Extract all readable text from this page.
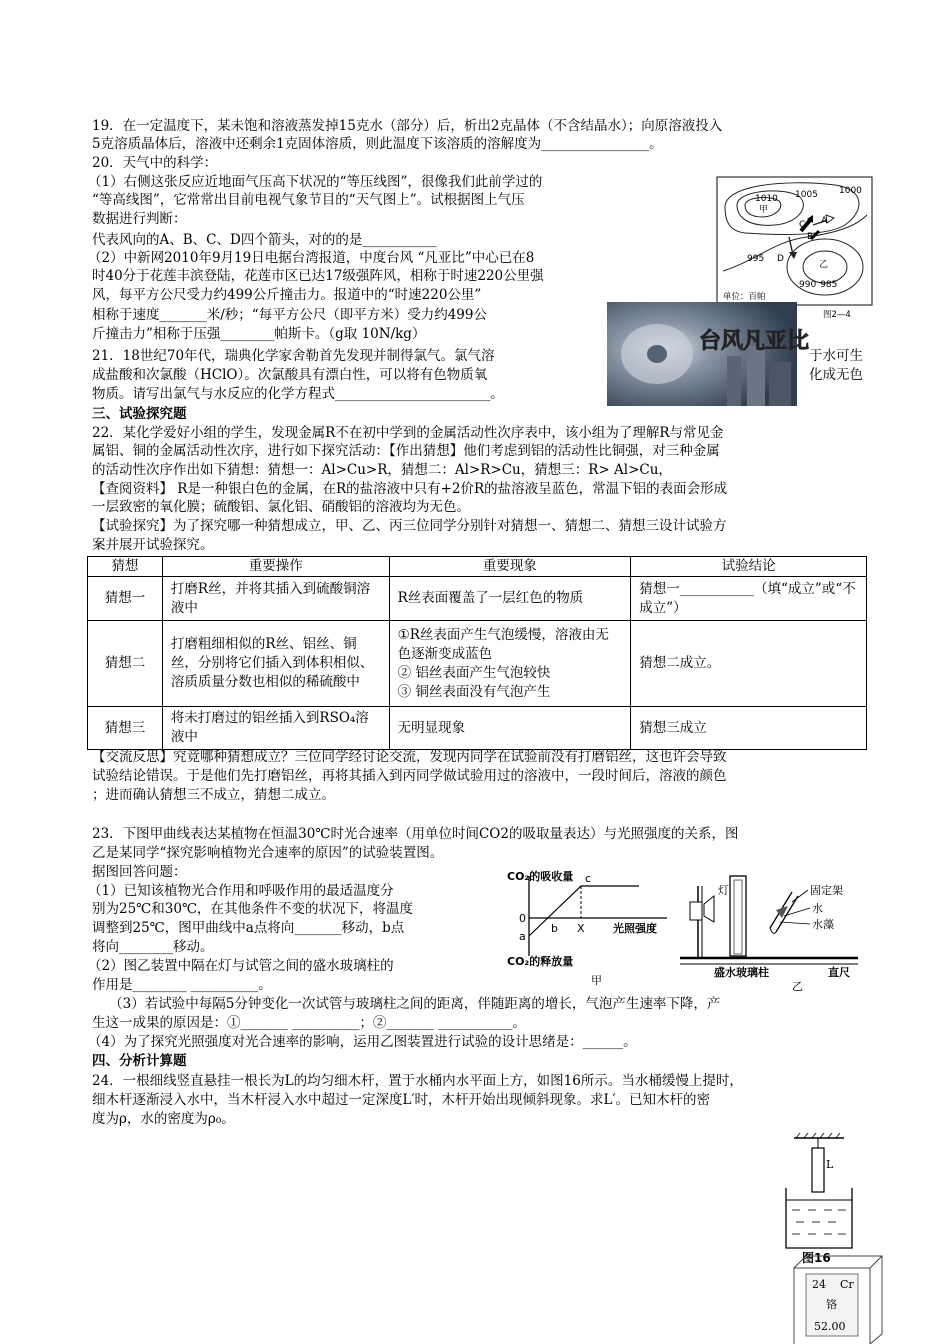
19．在一定温度下，某未饱和溶液蒸发掉15克水（部分）后，析出2克晶体（不含结晶水）；向原溶液投入
5克溶质晶体后，溶液中还剩余1克固体溶质，则此温度下该溶质的溶解度为________________。
20．天气中的科学：
（1）右侧这张反应近地面气压高下状况的“等压线图”，很像我们此前学过的
“等高线图”，它常常出目前电视气象节目的“天气图上”。试根据图上气压
数据进行判断：
代表风向的A、B、C、D四个箭头，对的的是___________
（2）中新网2010年9月19日电据台湾报道，中度台风 “凡亚比”中心已在8
时40分于花莲丰滨登陆，花莲市区已达17级强阵风，相称于时速220公里强
风，每平方公尺受力约499公斤撞击力。报道中的“时速220公里”
相称于速度_______米/秒；“每平方公尺（即平方米）受力约499公
斤撞击力”相称于压强________帕斯卡。（g取 10N/kg）
1010
甲
1005 1000
A
C
B
D
995
乙
990 985
单位：百帕
图2—4
台风凡亚比
21．18世纪70年代，瑞典化学家舍勒首先发现并制得氯气。氯气溶	于水可生
成盐酸和次氯酸（HClO）。次氯酸具有漂白性，可以将有色物质氧	化成无色
物质。请写出氯气与水反应的化学方程式_______________________。
三、试验探究题
22．某化学爱好小组的学生，发现金属R不在初中学到的金属活动性次序表中，该小组为了理解R与常见金
属铝、铜的金属活动性次序，进行如下探究活动：【作出猜想】他们考虑到铝的活动性比铜强，对三种金属
的活动性次序作出如下猜想：猜想一：Al>Cu>R，猜想二：Al>R>Cu，猜想三：R> Al>Cu，
【查阅资料】 R是一种银白色的金属，在R的盐溶液中只有+2价R的盐溶液呈蓝色，常温下铝的表面会形成
一层致密的氧化膜；硫酸铝、氯化铝、硝酸铝的溶液均为无色。
【试验探究】为了探究哪一种猜想成立，甲、乙、丙三位同学分别针对猜想一、猜想二、猜想三设计试验方
案并展开试验探究。
猜想	重要操作	重要现象	试验结论
猜想一	打磨R丝，并将其插入到硫酸铜溶液中	R丝表面覆盖了一层红色的物质	猜想一___________（填“成立”或“不成立”）
猜想二	打磨粗细相似的R丝、铝丝、铜丝，分别将它们插入到体积相似、溶质质量分数也相似的稀硫酸中	①R丝表面产生气泡缓慢，溶液由无色逐渐变成蓝色
② 铝丝表面产生气泡较快
③ 铜丝表面没有气泡产生	猜想二成立。
猜想三	将未打磨过的铝丝插入到RSO₄溶液中	无明显现象	猜想三成立
【交流反思】究竟哪种猜想成立？三位同学经讨论交流，发现丙同学在试验前没有打磨铝丝，这也许会导致
试验结论错误。于是他们先打磨铝丝，再将其插入到丙同学做试验用过的溶液中，一段时间后，溶液的颜色
；进而确认猜想三不成立，猜想二成立。
23．下图甲曲线表达某植物在恒温30℃时光合速率（用单位时间CO2的吸取量表达）与光照强度的关系，图
乙是某同学“探究影响植物光合速率的原因”的试验装置图。
据图回答问题：
（1）已知该植物光合作用和呼吸作用的最适温度分
别为25℃和30℃，在其他条件不变的状况下，将温度
调整到25℃，图甲曲线中a点将向_______移动，b点
将向________移动。
（2）图乙装置中隔在灯与试管之间的盛水玻璃柱的
作用是________ __________。
（3）若试验中每隔5分钟变化一次试管与玻璃柱之间的距离，伴随距离的增长，气泡产生速率下降，产
生这一成果的原因是：①_______ __________；②_______ ___________。
（4）为了探究光照强度对光合速率的影响，运用乙图装置进行试验的设计思绪是：______。
CO₂的吸收量 c
0
a
b X	光照强度
CO₂的释放量
甲
灯	固定架
水
水藻
盛水玻璃柱	直尺
乙
四、分析计算题
24．一根细线竖直悬挂一根长为L的均匀细木杆，置于水桶内水平面上方，如图16所示。当水桶缓慢上提时，
细木杆逐渐浸入水中，当木杆浸入水中超过一定深度L′时，木杆开始出现倾斜现象。求L′。已知木杆的密
度为ρ，水的密度为ρ₀。
L
图16
24 Cr
铬
52.00
